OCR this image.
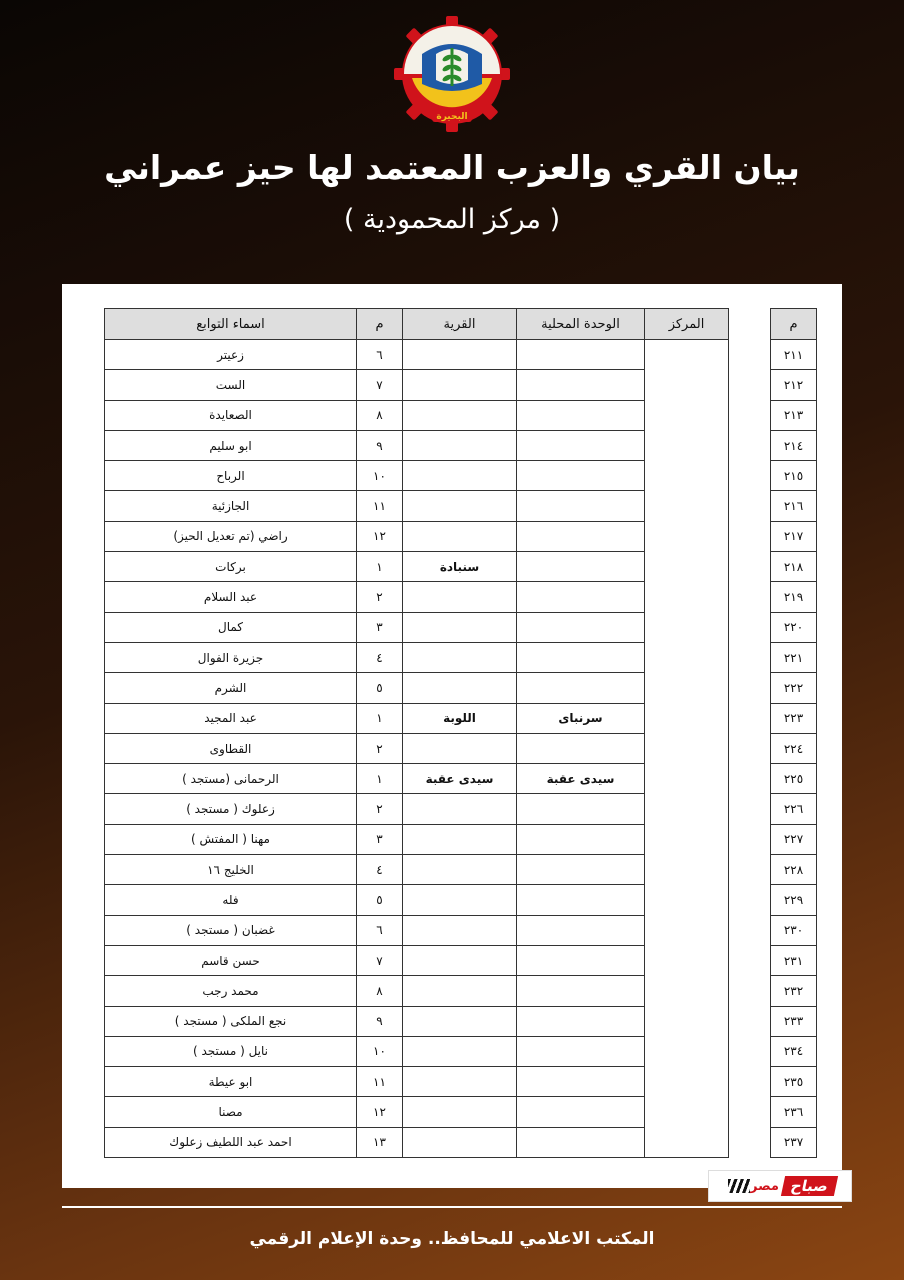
البحيرة
بيان القري والعزب المعتمد لها حيز عمراني
( مركز المحمودية )
م		المركز	الوحدة المحلية	القرية	م	اسماء التوابع
٢١١					٦	زعيتر
٢١٢					٧	الست
٢١٣					٨	الصعايدة
٢١٤					٩	ابو سليم
٢١٥					١٠	الرباح
٢١٦					١١	الجازئية
٢١٧					١٢	راضي (تم تعديل الحيز)
٢١٨				سنبادة	١	بركات
٢١٩					٢	عبد السلام
٢٢٠					٣	كمال
٢٢١					٤	جزيرة الفوال
٢٢٢					٥	الشرم
٢٢٣			سرنباى	اللوبة	١	عبد المجيد
٢٢٤					٢	القطاوى
٢٢٥			سيدى عقبة	سيدى عقبة	١	الرحمانى (مستجد )
٢٢٦					٢	زعلوك ( مستجد )
٢٢٧					٣	مهنا ( المفتش )
٢٢٨					٤	الخليج ١٦
٢٢٩					٥	فله
٢٣٠					٦	غضبان ( مستجد )
٢٣١					٧	حسن قاسم
٢٣٢					٨	محمد رجب
٢٣٣					٩	نجع الملكى ( مستجد )
٢٣٤					١٠	نايل ( مستجد )
٢٣٥					١١	ابو عيطة
٢٣٦					١٢	مصنا
٢٣٧					١٣	احمد عبد اللطيف زعلوك
صباح
مصر
المكتب الاعلامي للمحافظ.. وحدة الإعلام الرقمي
